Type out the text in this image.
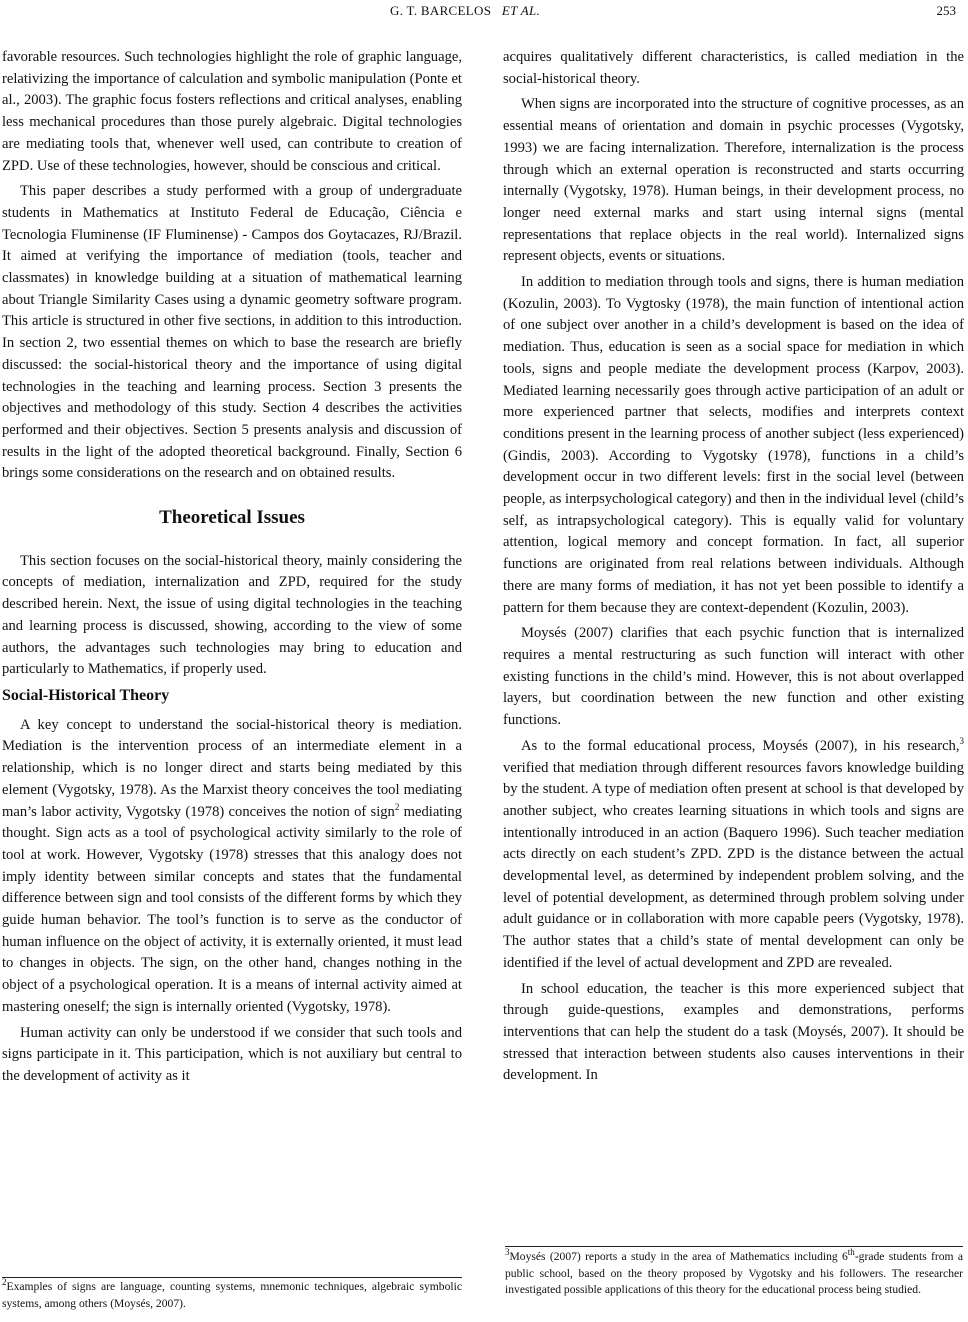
G. T. BARCELOS ET AL.	253

favorable resources. Such technologies highlight the role of graphic language, relativizing the importance of calculation and symbolic manipulation (Ponte et al., 2003). The graphic focus fosters reflections and critical analyses, enabling less mechanical procedures than those purely algebraic. Digital technologies are mediating tools that, whenever well used, can contribute to creation of ZPD. Use of these technologies, however, should be conscious and critical.

This paper describes a study performed with a group of undergraduate students in Mathematics at Instituto Federal de Educação, Ciência e Tecnologia Fluminense (IF Fluminense) - Campos dos Goytacazes, RJ/Brazil. It aimed at verifying the importance of mediation (tools, teacher and classmates) in knowledge building at a situation of mathematical learning about Triangle Similarity Cases using a dynamic geometry software program. This article is structured in other five sections, in addition to this introduction. In section 2, two essential themes on which to base the research are briefly discussed: the social-historical theory and the importance of using digital technologies in the teaching and learning process. Section 3 presents the objectives and methodology of this study. Section 4 describes the activities performed and their objectives. Section 5 presents analysis and discussion of results in the light of the adopted theoretical background. Finally, Section 6 brings some considerations on the research and on obtained results.

Theoretical Issues

This section focuses on the social-historical theory, mainly considering the concepts of mediation, internalization and ZPD, required for the study described herein. Next, the issue of using digital technologies in the teaching and learning process is discussed, showing, according to the view of some authors, the advantages such technologies may bring to education and particularly to Mathematics, if properly used.

Social-Historical Theory

A key concept to understand the social-historical theory is mediation. Mediation is the intervention process of an intermediate element in a relationship, which is no longer direct and starts being mediated by this element (Vygotsky, 1978). As the Marxist theory conceives the tool mediating man’s labor activity, Vygotsky (1978) conceives the notion of sign$^2$ mediating thought. Sign acts as a tool of psychological activity similarly to the role of tool at work. However, Vygotsky (1978) stresses that this analogy does not imply identity between similar concepts and states that the fundamental difference between sign and tool consists of the different forms by which they guide human behavior. The tool’s function is to serve as the conductor of human influence on the object of activity, it is externally oriented, it must lead to changes in objects. The sign, on the other hand, changes nothing in the object of a psychological operation. It is a means of internal activity aimed at mastering oneself; the sign is internally oriented (Vygotsky, 1978).

Human activity can only be understood if we consider that such tools and signs participate in it. This participation, which is not auxiliary but central to the development of activity as it

acquires qualitatively different characteristics, is called mediation in the social-historical theory.

When signs are incorporated into the structure of cognitive processes, as an essential means of orientation and domain in psychic processes (Vygotsky, 1993) we are facing internalization. Therefore, internalization is the process through which an external operation is reconstructed and starts occurring internally (Vygotsky, 1978). Human beings, in their development process, no longer need external marks and start using internal signs (mental representations that replace objects in the real world). Internalized signs represent objects, events or situations.

In addition to mediation through tools and signs, there is human mediation (Kozulin, 2003). To Vygtosky (1978), the main function of intentional action of one subject over another in a child’s development is based on the idea of mediation. Thus, education is seen as a social space for mediation in which tools, signs and people mediate the development process (Karpov, 2003). Mediated learning necessarily goes through active participation of an adult or more experienced partner that selects, modifies and interprets context conditions present in the learning process of another subject (less experienced) (Gindis, 2003). According to Vygotsky (1978), functions in a child’s development occur in two different levels: first in the social level (between people, as interpsychological category) and then in the individual level (child’s self, as intrapsychological category). This is equally valid for voluntary attention, logical memory and concept formation. In fact, all superior functions are originated from real relations between individuals. Although there are many forms of mediation, it has not yet been possible to identify a pattern for them because they are context-dependent (Kozulin, 2003).

Moysés (2007) clarifies that each psychic function that is internalized requires a mental restructuring as such function will interact with other existing functions in the child’s mind. However, this is not about overlapped layers, but coordination between the new function and other existing functions.

As to the formal educational process, Moysés (2007), in his research,$^3$ verified that mediation through different resources favors knowledge building by the student. A type of mediation often present at school is that developed by another subject, who creates learning situations in which tools and signs are intentionally introduced in an action (Baquero 1996). Such teacher mediation acts directly on each student’s ZPD. ZPD is the distance between the actual developmental level, as determined by independent problem solving, and the level of potential development, as determined through problem solving under adult guidance or in collaboration with more capable peers (Vygotsky, 1978). The author states that a child’s state of mental development can only be identified if the level of actual development and ZPD are revealed.

In school education, the teacher is this more experienced subject that through guide-questions, examples and demonstrations, performs interventions that can help the student do a task (Moysés, 2007). It should be stressed that interaction between students also causes interventions in their development. In

$^3$Moysés (2007) reports a study in the area of Mathematics including 6th-grade students from a public school, based on the theory proposed by Vygotsky and his followers. The researcher investigated possible applications of this theory for the educational process being studied.
$^2$Examples of signs are language, counting systems, mnemonic techniques, algebraic symbolic systems, among others (Moysés, 2007).
